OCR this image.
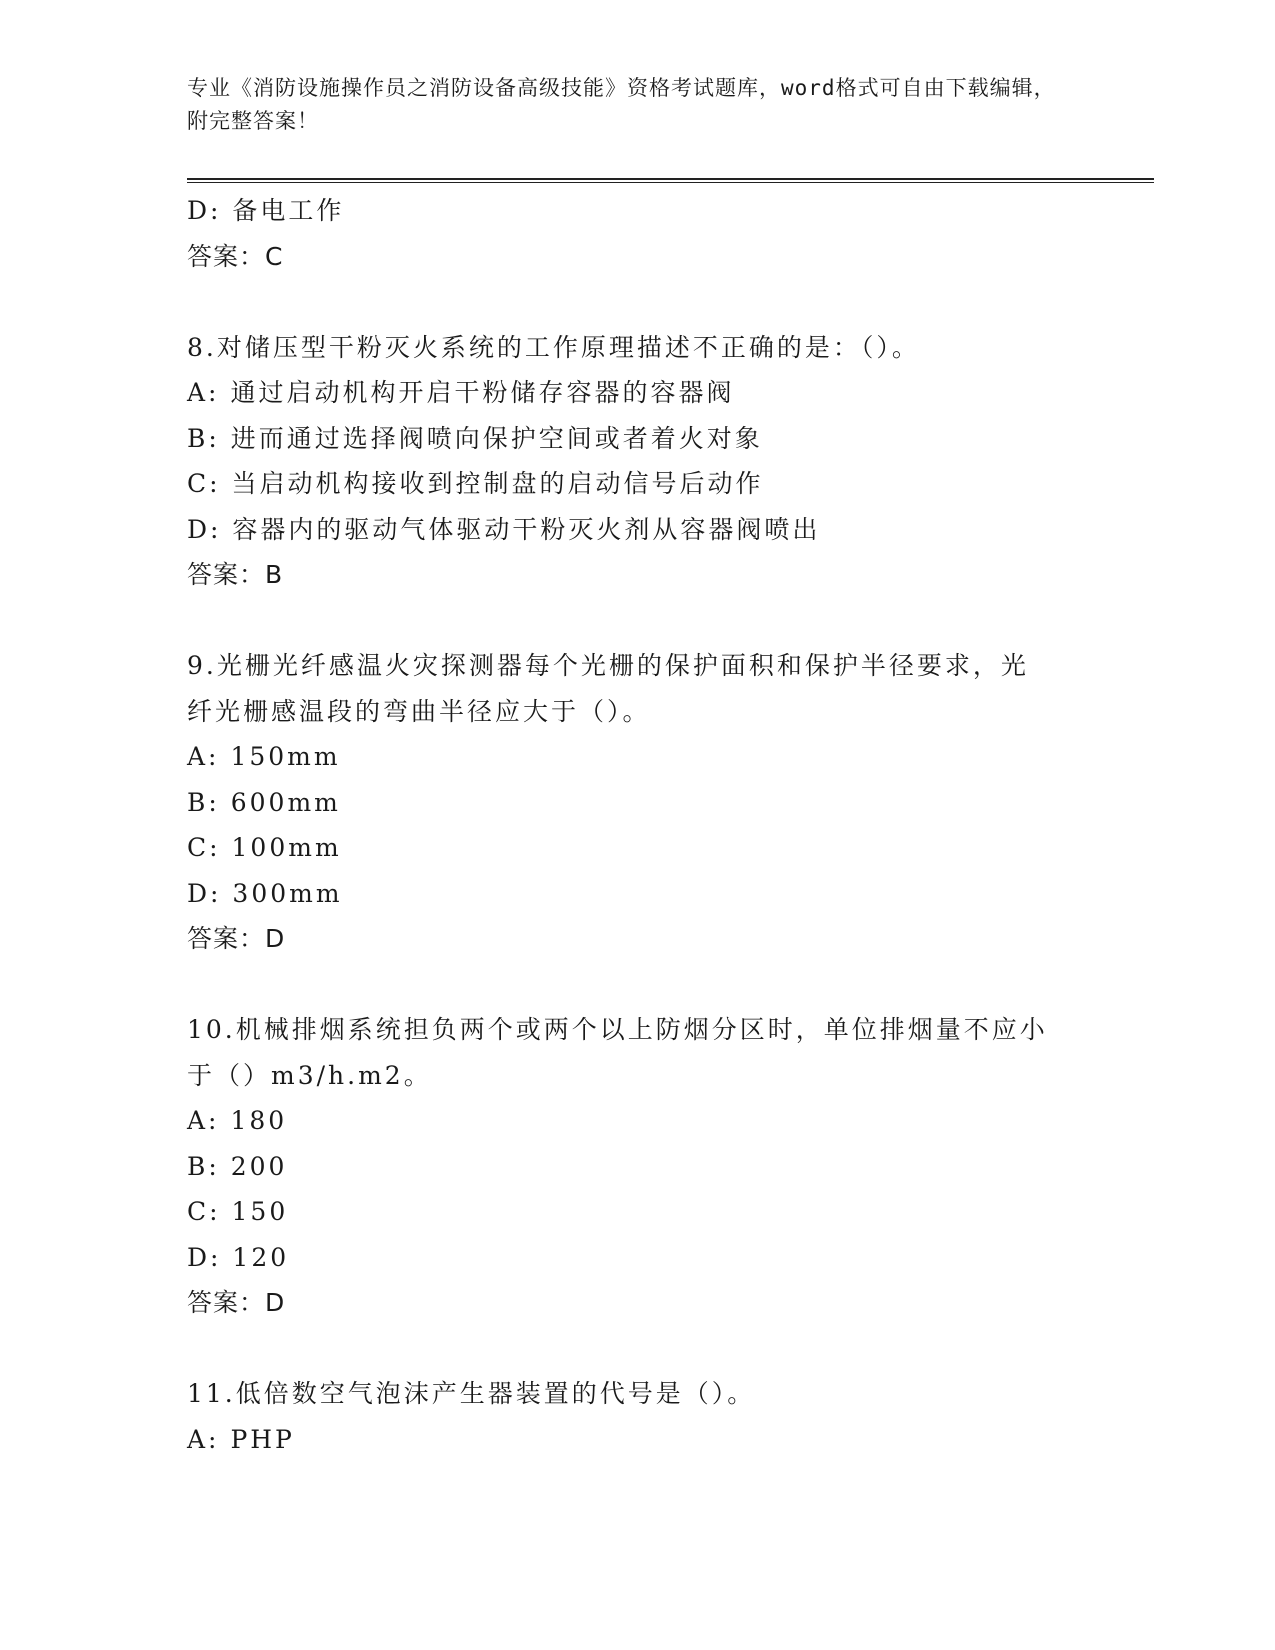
专业《消防设施操作员之消防设备高级技能》资格考试题库，word格式可自由下载编辑，附完整答案！
D: 备电工作
答案：C
8.对储压型干粉灭火系统的工作原理描述不正确的是：（）。
A: 通过启动机构开启干粉储存容器的容器阀
B: 进而通过选择阀喷向保护空间或者着火对象
C: 当启动机构接收到控制盘的启动信号后动作
D: 容器内的驱动气体驱动干粉灭火剂从容器阀喷出
答案：B
9.光栅光纤感温火灾探测器每个光栅的保护面积和保护半径要求，光纤光栅感温段的弯曲半径应大于（）。
A: 150mm
B: 600mm
C: 100mm
D: 300mm
答案：D
10.机械排烟系统担负两个或两个以上防烟分区时，单位排烟量不应小于（）m3/h.m2。
A: 180
B: 200
C: 150
D: 120
答案：D
11.低倍数空气泡沫产生器装置的代号是（）。
A: PHP
